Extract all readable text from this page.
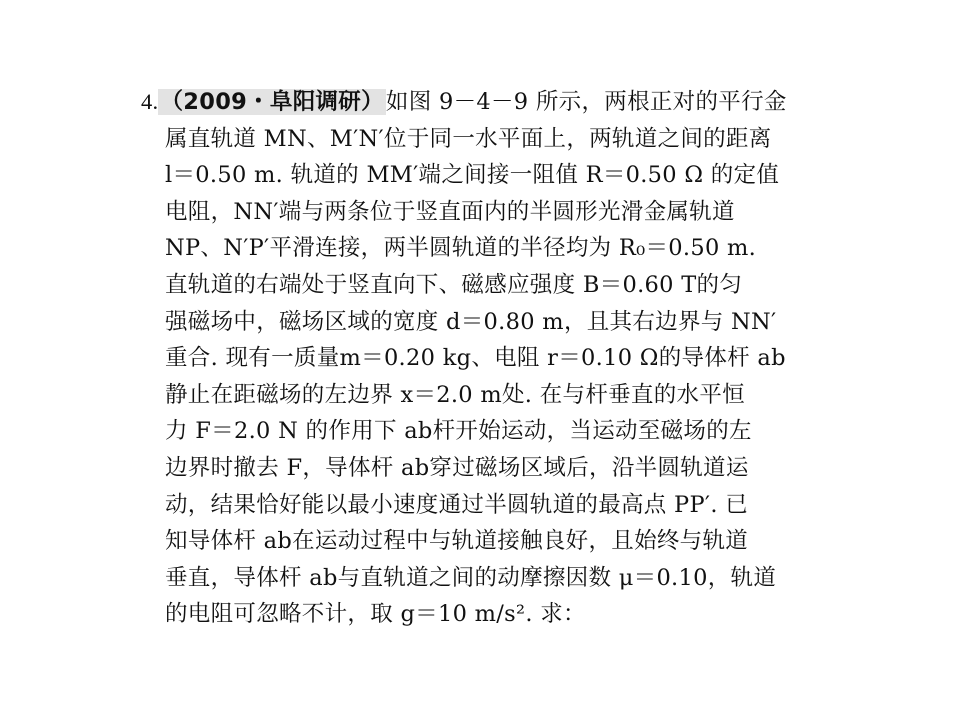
4.（2009・阜阳调研）如图 9－4－9 所示，两根正对的平行金
属直轨道 MN、M′N′位于同一水平面上，两轨道之间的距离
l＝0.50 m. 轨道的 MM′端之间接一阻值 R＝0.50 Ω 的定值
电阻，NN′端与两条位于竖直面内的半圆形光滑金属轨道
NP、N′P′平滑连接，两半圆轨道的半径均为 R₀＝0.50 m.
直轨道的右端处于竖直向下、磁感应强度 B＝0.60 T的匀
强磁场中，磁场区域的宽度 d＝0.80 m，且其右边界与 NN′
重合. 现有一质量m＝0.20 kg、电阻 r＝0.10 Ω的导体杆 ab
静止在距磁场的左边界 x＝2.0 m处. 在与杆垂直的水平恒
力 F＝2.0 N 的作用下 ab杆开始运动，当运动至磁场的左
边界时撤去 F，导体杆 ab穿过磁场区域后，沿半圆轨道运
动，结果恰好能以最小速度通过半圆轨道的最高点 PP′. 已
知导体杆 ab在运动过程中与轨道接触良好，且始终与轨道
垂直，导体杆 ab与直轨道之间的动摩擦因数 μ＝0.10，轨道
的电阻可忽略不计，取 g＝10 m/s². 求：
